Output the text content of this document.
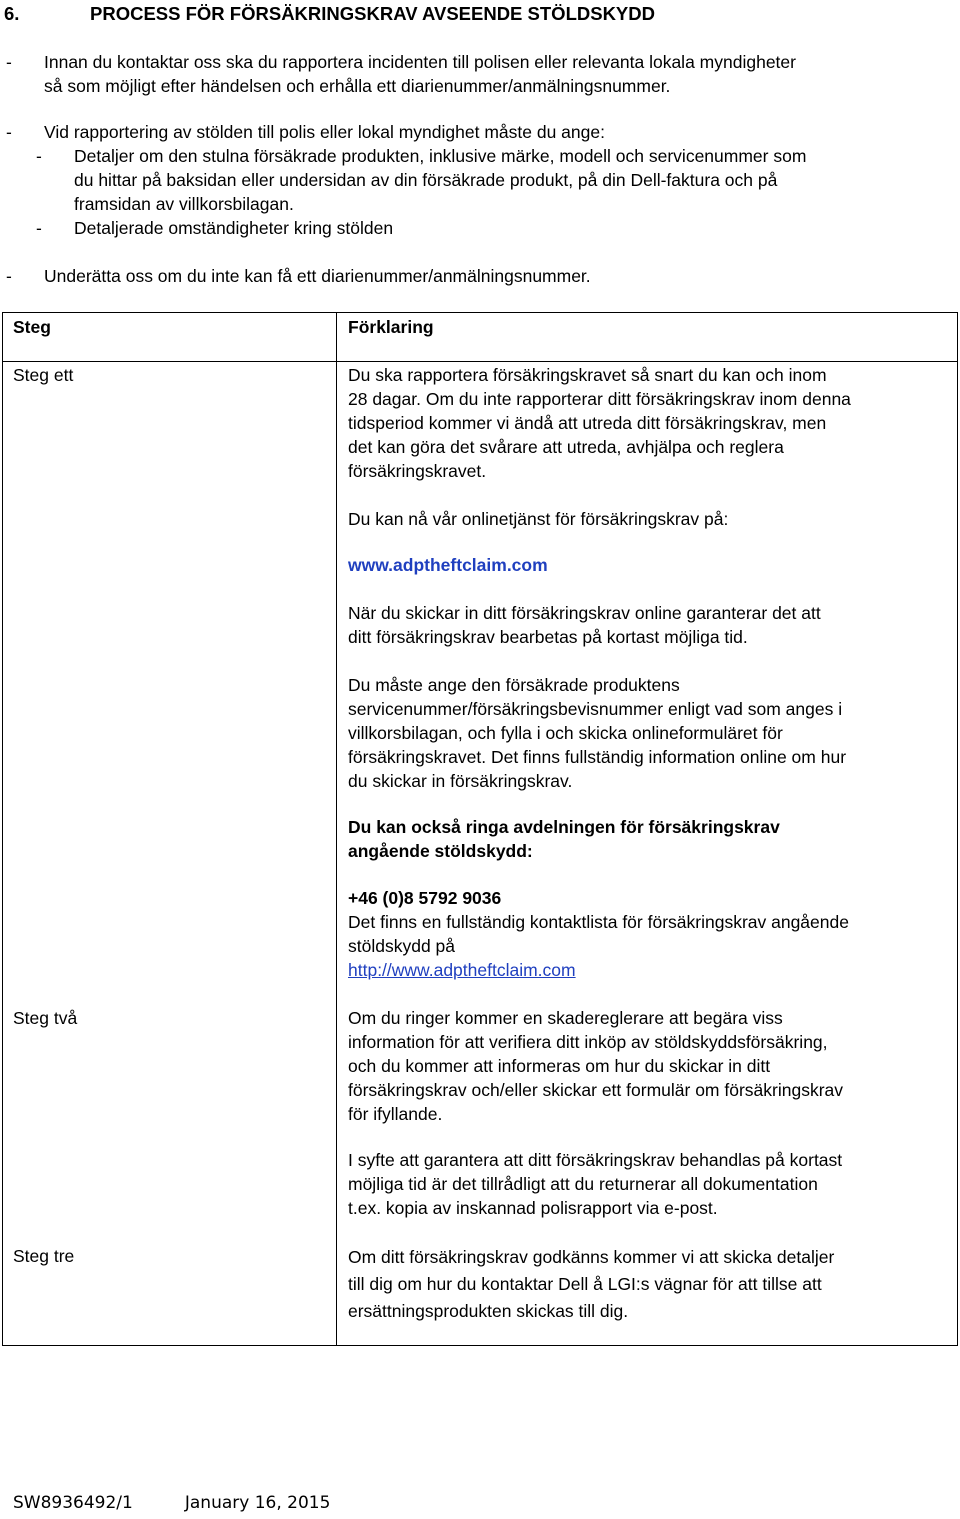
6.	PROCESS FÖR FÖRSÄKRINGSKRAV AVSEENDE STÖLDSKYDD
- Innan du kontaktar oss ska du rapportera incidenten till polisen eller relevanta lokala myndigheter

så som möjligt efter händelsen och erhålla ett diarienummer/anmälningsnummer.

- Vid rapportering av stölden till polis eller lokal myndighet måste du ange:
- Detaljer om den stulna försäkrade produkten, inklusive märke, modell och servicenummer som

du hittar på baksidan eller undersidan av din försäkrade produkt, på din Dell-faktura och på

framsidan av villkorsbilagan.

- Detaljerade omständigheter kring stölden
- Underätta oss om du inte kan få ett diarienummer/anmälningsnummer.
Steg	Förklaring
Steg ett	Du ska rapportera försäkringskravet så snart du kan och inom

28 dagar. Om du inte rapporterar ditt försäkringskrav inom denna

tidsperiod kommer vi ändå att utreda ditt försäkringskrav, men

det kan göra det svårare att utreda, avhjälpa och reglera

försäkringskravet.

Du kan nå vår onlinetjänst för försäkringskrav på:
www.adptheftclaim.com

När du skickar in ditt försäkringskrav online garanterar det att

ditt försäkringskrav bearbetas på kortast möjliga tid.

Du måste ange den försäkrade produktens

servicenummer/försäkringsbevisnummer enligt vad som anges i

villkorsbilagan, och fylla i och skicka onlineformuläret för

försäkringskravet. Det finns fullständig information online om hur

du skickar in försäkringskrav.

Du kan också ringa avdelningen för försäkringskrav

angående stöldskydd:

+46 (0)8 5792 9036

Det finns en fullständig kontaktlista för försäkringskrav angående

stöldskydd på

http://www.adptheftclaim.com
Steg två	Om du ringer kommer en skadereglerare att begära viss

information för att verifiera ditt inköp av stöldskyddsförsäkring,

och du kommer att informeras om hur du skickar in ditt

försäkringskrav och/eller skickar ett formulär om försäkringskrav

för ifyllande.

I syfte att garantera att ditt försäkringskrav behandlas på kortast

möjliga tid är det tillrådligt att du returnerar all dokumentation

t.ex. kopia av inskannad polisrapport via e-post.

Steg tre	Om ditt försäkringskrav godkänns kommer vi att skicka detaljer

till dig om hur du kontaktar Dell å LGI:s vägnar för att tillse att

ersättningsprodukten skickas till dig.

SW8936492/1	January 16, 2015
